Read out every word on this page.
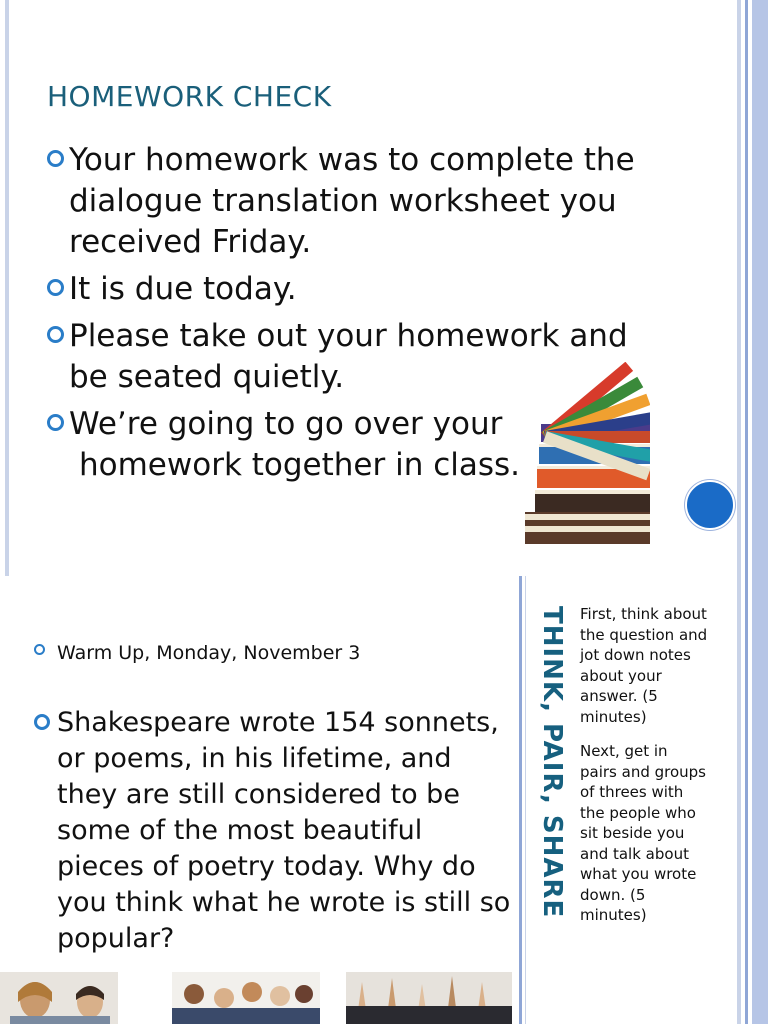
HOMEWORK CHECK
Your homework was to complete the dialogue translation worksheet you received Friday.
It is due today.
Please take out your homework and be seated quietly.
We’re going to go over your
homework together in class.
Warm Up, Monday, November 3
Shakespeare wrote 154 sonnets, or poems, in his lifetime, and they are still considered to be some of the most beautiful pieces of poetry today. Why do you think what he wrote is still so popular?
THINK, PAIR, SHARE First, think about the question and jot down notes about your answer. (5 minutes)

Next, get in pairs and groups of threes with the people who sit beside you and talk about what you wrote down. (5 minutes)
